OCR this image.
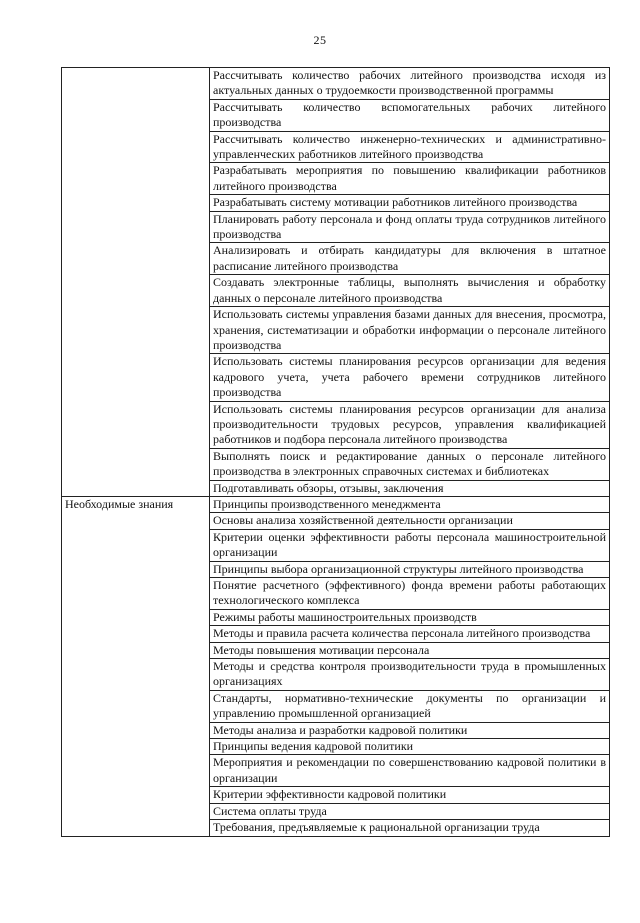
25
	Рассчитывать количество рабочих литейного производства исходя из актуальных данных о трудоемкости производственной программы
	Рассчитывать количество вспомогательных рабочих литейного производства
	Рассчитывать количество инженерно-технических и административно-управленческих работников литейного производства
	Разрабатывать мероприятия по повышению квалификации работников литейного производства
	Разрабатывать систему мотивации работников литейного производства
	Планировать работу персонала и фонд оплаты труда сотрудников литейного производства
	Анализировать и отбирать кандидатуры для включения в штатное расписание литейного производства
	Создавать электронные таблицы, выполнять вычисления и обработку данных о персонале литейного производства
	Использовать системы управления базами данных для внесения, просмотра, хранения, систематизации и обработки информации о персонале литейного производства
	Использовать системы планирования ресурсов организации для ведения кадрового учета, учета рабочего времени сотрудников литейного производства
	Использовать системы планирования ресурсов организации для анализа производительности трудовых ресурсов, управления квалификацией работников и подбора персонала литейного производства
	Выполнять поиск и редактирование данных о персонале литейного производства в электронных справочных системах и библиотеках
	Подготавливать обзоры, отзывы, заключения
Необходимые знания	Принципы производственного менеджмента
	Основы анализа хозяйственной деятельности организации
	Критерии оценки эффективности работы персонала машиностроительной организации
	Принципы выбора организационной структуры литейного производства
	Понятие расчетного (эффективного) фонда времени работы работающих технологического комплекса
	Режимы работы машиностроительных производств
	Методы и правила расчета количества персонала литейного производства
	Методы повышения мотивации персонала
	Методы и средства контроля производительности труда в промышленных организациях
	Стандарты, нормативно-технические документы по организации и управлению промышленной организацией
	Методы анализа и разработки кадровой политики
	Принципы ведения кадровой политики
	Мероприятия и рекомендации по совершенствованию кадровой политики в организации
	Критерии эффективности кадровой политики
	Система оплаты труда
	Требования, предъявляемые к рациональной организации труда
